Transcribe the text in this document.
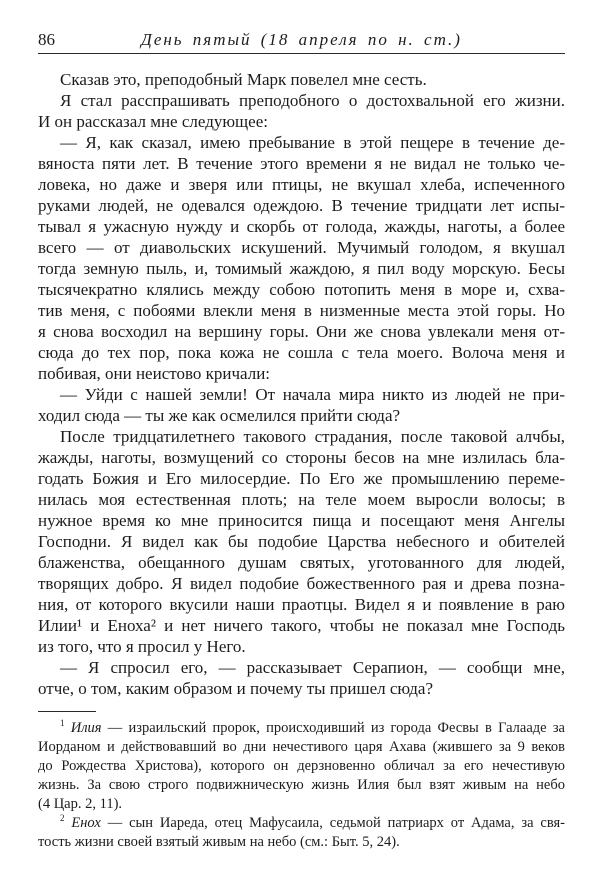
86	День пятый (18 апреля по н. ст.)
Сказав это, преподобный Марк повелел мне сесть.
Я стал расспрашивать преподобного о достохвальной его жизни.
И он рассказал мне следующее:
— Я, как сказал, имею пребывание в этой пещере в течение де-
вяноста пяти лет. В течение этого времени я не видал не только че-
ловека, но даже и зверя или птицы, не вкушал хлеба, испеченного
руками людей, не одевался одеждою. В течение тридцати лет испы-
тывал я ужасную нужду и скорбь от голода, жажды, наготы, а более
всего — от диавольских искушений. Мучимый голодом, я вкушал
тогда земную пыль, и, томимый жаждою, я пил воду морскую. Бесы
тысячекратно клялись между собою потопить меня в море и, схва-
тив меня, с побоями влекли меня в низменные места этой горы. Но
я снова восходил на вершину горы. Они же снова увлекали меня от-
сюда до тех пор, пока кожа не сошла с тела моего. Волоча меня и
побивая, они неистово кричали:
— Уйди с нашей земли! От начала мира никто из людей не при-
ходил сюда — ты же как осмелился прийти сюда?
После тридцатилетнего такового страдания, после таковой алчбы,
жажды, наготы, возмущений со стороны бесов на мне излилась бла-
годать Божия и Его милосердие. По Его же промышлению переме-
нилась моя естественная плоть; на теле моем выросли волосы; в
нужное время ко мне приносится пища и посещают меня Ангелы
Господни. Я видел как бы подобие Царства небесного и обителей
блаженства, обещанного душам святых, уготованного для людей,
творящих добро. Я видел подобие божественного рая и древа позна-
ния, от которого вкусили наши праотцы. Видел я и появление в раю
Илии¹ и Еноха² и нет ничего такого, чтобы не показал мне Господь
из того, что я просил у Него.
— Я спросил его, — рассказывает Серапион, — сообщи мне,
отче, о том, каким образом и почему ты пришел сюда?
$^1$ Илия — израильский пророк, происходивший из города Фесвы в Галааде за
Иорданом и действовавший во дни нечестивого царя Ахава (жившего за 9 веков
до Рождества Христова), которого он дерзновенно обличал за его нечестивую
жизнь. За свою строго подвижническую жизнь Илия был взят живым на небо
(4 Цар. 2, 11).
$^2$ Енох — сын Иареда, отец Мафусаила, седьмой патриарх от Адама, за свя-
тость жизни своей взятый живым на небо (см.: Быт. 5, 24).
